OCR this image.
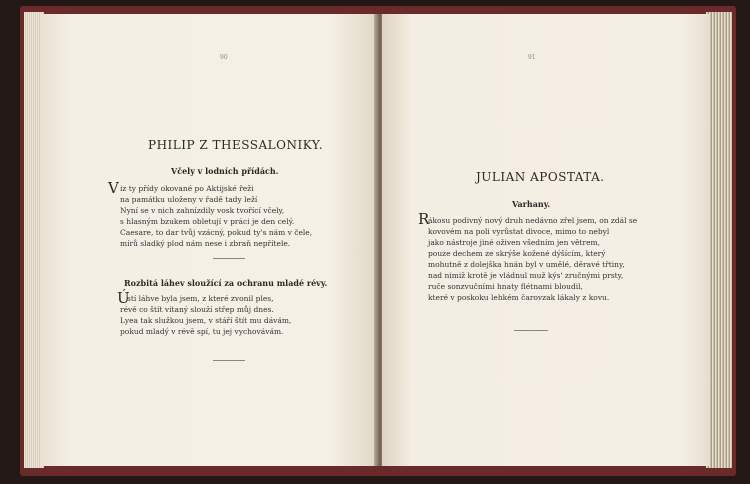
90
PHILIP Z THESSALONIKY.
Včely v lodních přídách.
V iz ty přídy okované po Aktijské řeži
na památku uloženy v řadě tady leží
Nyní se v nich zahnízdily vosk tvořící včely,
s hlasným bzukem obletují v práci je den celý.
Caesare, to dar tvůj vzácný, pokud ty's nám v čele,
mírů sladký plod nám nese i zbraň nepřítele.
Rozbitá láhev sloužící za ochranu mladé révy.
Ú
stí láhve byla jsem, z které zvonil ples,
révě co štít vítaný slouží střep můj dnes.
Lyea tak služkou jsem, v stáří štít mu dávám,
pokud mladý v révě spí, tu jej vychovávám.
91
JULIAN APOSTATA.
Varhany.
R
ákosu podivný nový druh nedávno zřel jsem, on zdál se
kovovém na poli vyrůstat divoce, mimo to nebyl
jako nástroje jiné oživen všedním jen větrem,
pouze dechem ze skrýše kožené dýšícím, který
mohutně z dolejška hnán byl v umělé, děravé třtiny,
nad nimiž krotě je vládnul muž kýs' zručnými prsty,
ruče sonzvučními hnaty flétnami bloudil,
které v poskoku lehkém čarovzak lákaly z kovu.
